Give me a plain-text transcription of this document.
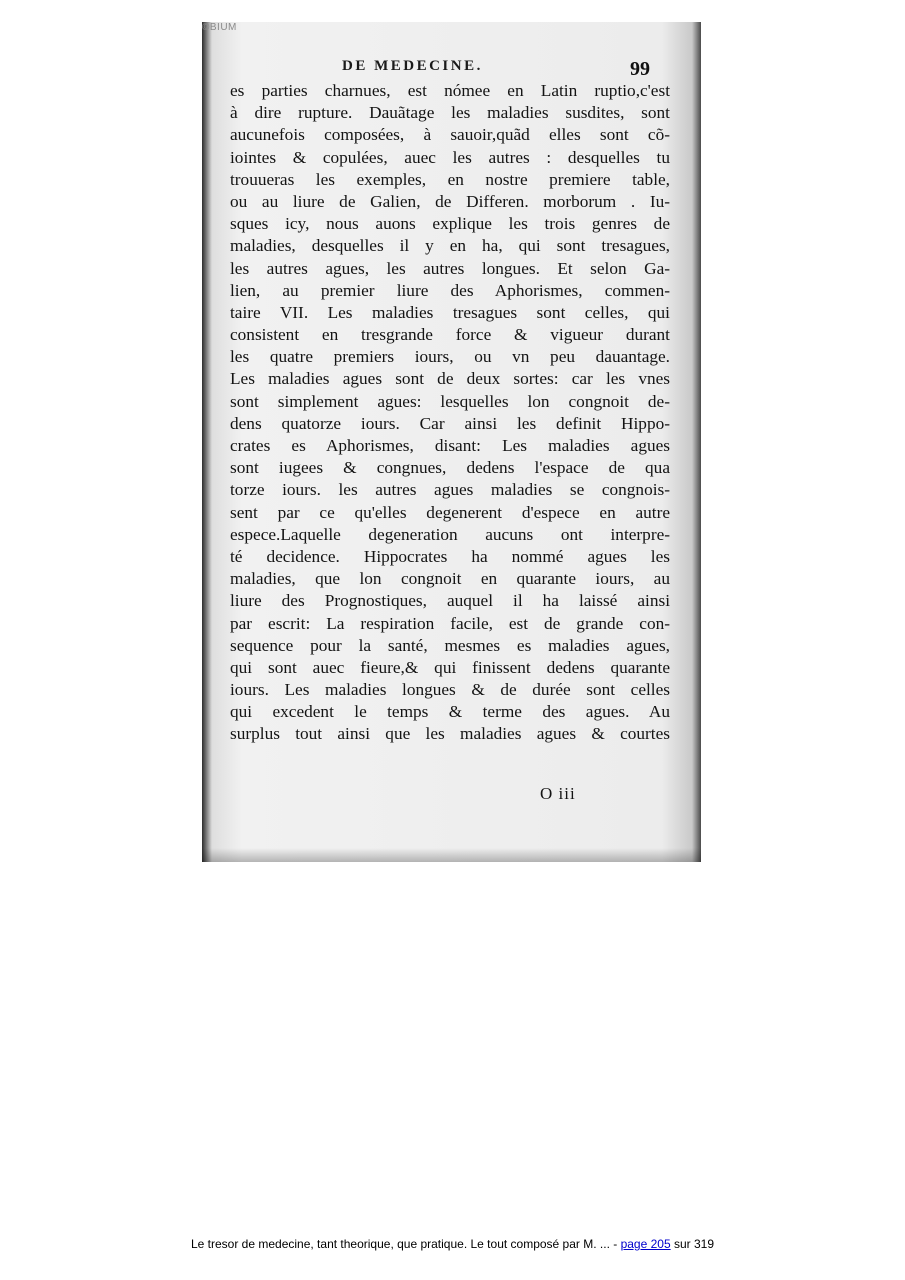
©BIUM
DE MEDECINE.	99
es parties charnues, est nómee en Latin ruptio,c'est
à dire rupture. Dauãtage les maladies susdites, sont
aucunefois composées, à sauoir,quãd elles sont cõ-
iointes & copulées, auec les autres : desquelles tu
trouueras les exemples, en nostre premiere table,
ou au liure de Galien, de Differen. morborum . Iu-
sques icy, nous auons explique les trois genres de
maladies, desquelles il y en ha, qui sont tresagues,
les autres agues, les autres longues. Et selon Ga-
lien, au premier liure des Aphorismes, commen-
taire VII. Les maladies tresagues sont celles, qui
consistent en tresgrande force & vigueur durant
les quatre premiers iours, ou vn peu dauantage.
Les maladies agues sont de deux sortes: car les vnes
sont simplement agues: lesquelles lon congnoit de-
dens quatorze iours. Car ainsi les definit Hippo-
crates es Aphorismes, disant: Les maladies agues
sont iugees & congnues, dedens l'espace de qua
torze iours. les autres agues maladies se congnois-
sent par ce qu'elles degenerent d'espece en autre
espece.Laquelle degeneration aucuns ont interpre-
té decidence. Hippocrates ha nommé agues les
maladies, que lon congnoit en quarante iours, au
liure des Prognostiques, auquel il ha laissé ainsi
par escrit: La respiration facile, est de grande con-
sequence pour la santé, mesmes es maladies agues,
qui sont auec fieure,& qui finissent dedens quarante
iours. Les maladies longues & de durée sont celles
qui excedent le temps & terme des agues. Au
surplus tout ainsi que les maladies agues & courtes
O iii
Le tresor de medecine, tant theorique, que pratique. Le tout composé par M. ... - page 205 sur 319
